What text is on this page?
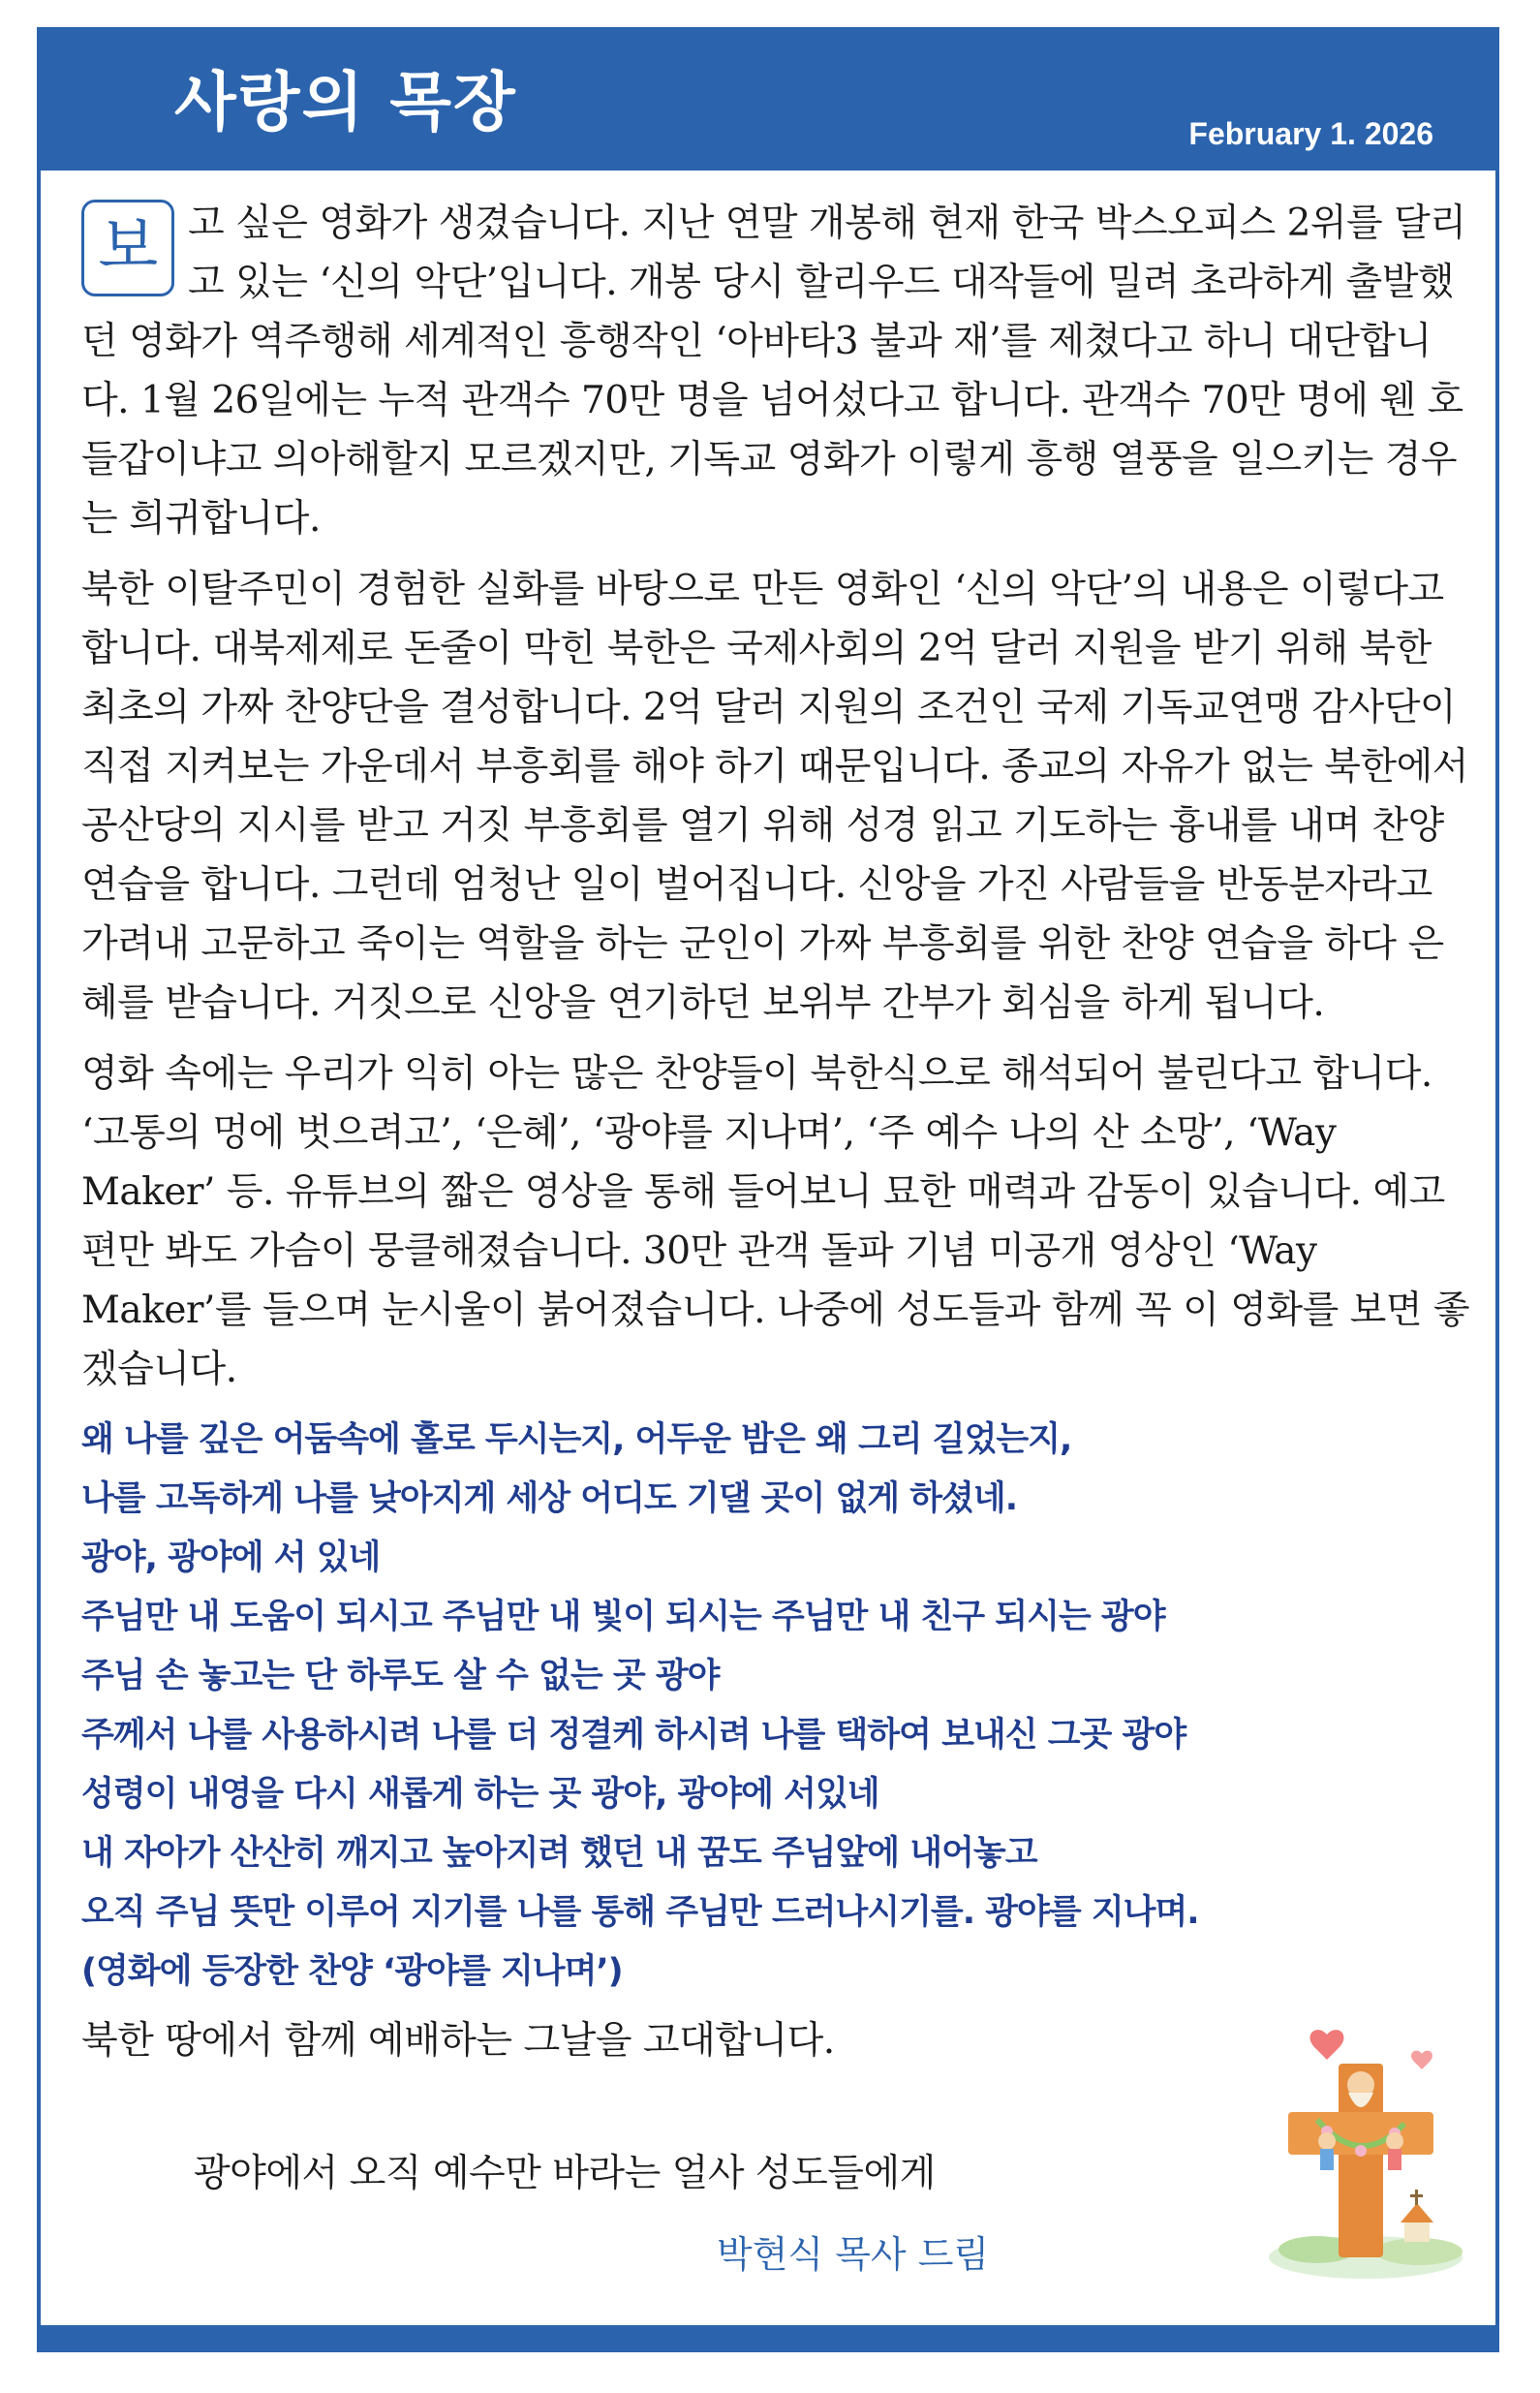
사랑의 목장	February 1. 2026

보 고 싶은 영화가 생겼습니다. 지난 연말 개봉해 현재 한국 박스오피스 2위를 달리고 있는 ‘신의 악단’입니다. 개봉 당시 할리우드 대작들에 밀려 초라하게 출발했던 영화가 역주행해 세계적인 흥행작인 ‘아바타3 불과 재’를 제쳤다고 하니 대단합니다. 1월 26일에는 누적 관객수 70만 명을 넘어섰다고 합니다. 관객수 70만 명에 웬 호들갑이냐고 의아해할지 모르겠지만, 기독교 영화가 이렇게 흥행 열풍을 일으키는 경우는 희귀합니다.

북한 이탈주민이 경험한 실화를 바탕으로 만든 영화인 ‘신의 악단’의 내용은 이렇다고 합니다. 대북제제로 돈줄이 막힌 북한은 국제사회의 2억 달러 지원을 받기 위해 북한 최초의 가짜 찬양단을 결성합니다. 2억 달러 지원의 조건인 국제 기독교연맹 감사단이 직접 지켜보는 가운데서 부흥회를 해야 하기 때문입니다. 종교의 자유가 없는 북한에서 공산당의 지시를 받고 거짓 부흥회를 열기 위해 성경 읽고 기도하는 흉내를 내며 찬양 연습을 합니다. 그런데 엄청난 일이 벌어집니다. 신앙을 가진 사람들을 반동분자라고 가려내 고문하고 죽이는 역할을 하는 군인이 가짜 부흥회를 위한 찬양 연습을 하다 은혜를 받습니다. 거짓으로 신앙을 연기하던 보위부 간부가 회심을 하게 됩니다.

영화 속에는 우리가 익히 아는 많은 찬양들이 북한식으로 해석되어 불린다고 합니다. ‘고통의 멍에 벗으려고’, ‘은혜’, ‘광야를 지나며’, ‘주 예수 나의 산 소망’, ‘Way Maker’ 등. 유튜브의 짧은 영상을 통해 들어보니 묘한 매력과 감동이 있습니다. 예고편만 봐도 가슴이 뭉클해졌습니다. 30만 관객 돌파 기념 미공개 영상인 ‘Way Maker’를 들으며 눈시울이 붉어졌습니다. 나중에 성도들과 함께 꼭 이 영화를 보면 좋겠습니다.

왜 나를 깊은 어둠속에 홀로 두시는지, 어두운 밤은 왜 그리 길었는지,
나를 고독하게 나를 낮아지게 세상 어디도 기댈 곳이 없게 하셨네.
광야, 광야에 서 있네
주님만 내 도움이 되시고 주님만 내 빛이 되시는 주님만 내 친구 되시는 광야
주님 손 놓고는 단 하루도 살 수 없는 곳 광야
주께서 나를 사용하시려 나를 더 정결케 하시려 나를 택하여 보내신 그곳 광야
성령이 내영을 다시 새롭게 하는 곳 광야, 광야에 서있네
내 자아가 산산히 깨지고 높아지려 했던 내 꿈도 주님앞에 내어놓고
오직 주님 뜻만 이루어 지기를 나를 통해 주님만 드러나시기를. 광야를 지나며.
(영화에 등장한 찬양 ‘광야를 지나며’)

북한 땅에서 함께 예배하는 그날을 고대합니다.

광야에서 오직 예수만 바라는 얼사 성도들에게
박현식 목사 드림
